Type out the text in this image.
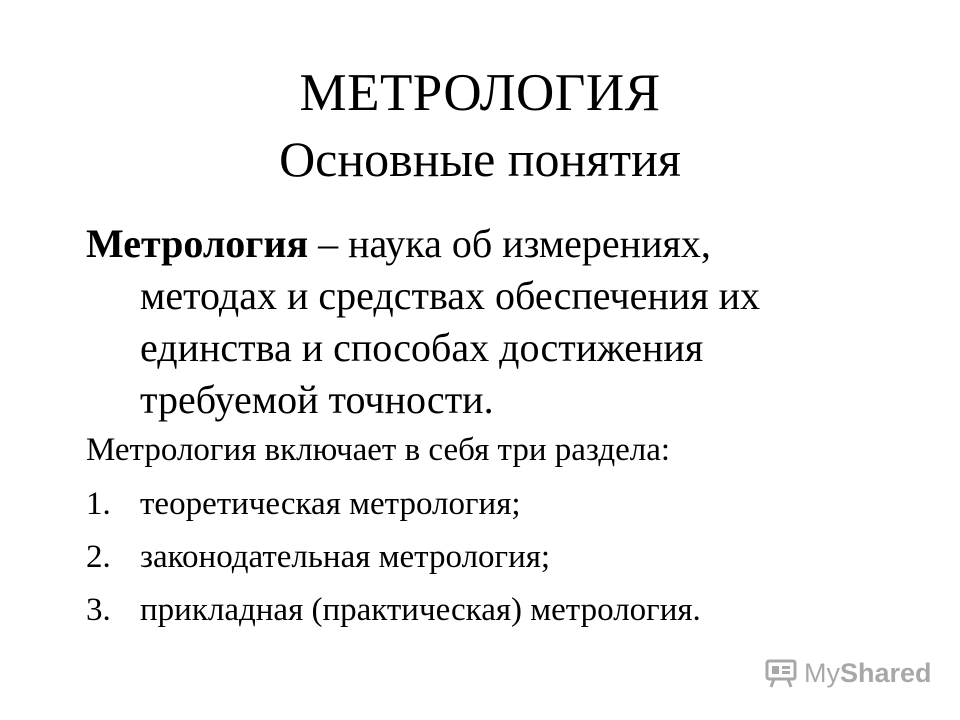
МЕТРОЛОГИЯ
Основные понятия
Метрология – наука об измерениях,
методах и средствах обеспечения их
единства и способах достижения
требуемой точности.
Метрология включает в себя три раздела:
1. теоретическая метрология;
2. законодательная метрология;
3. прикладная (практическая) метрология.
My Shared
